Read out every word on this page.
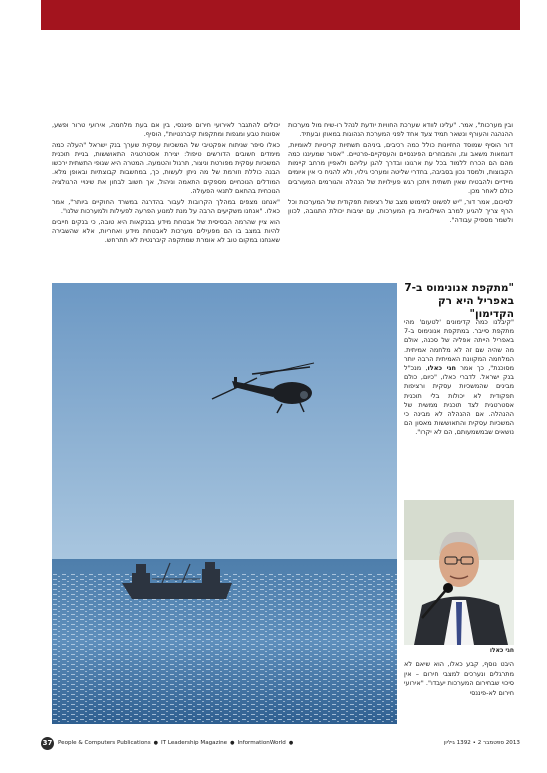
ובין מערכות", אמר. "עלינו לוודא שערכת החוויות יודעת לנהל רו-שיח מול מערכות ההנהגה והעורף ונשאר תמיד צעד אחד לפני המערכת הנהוגות במאוזן ובעתיד.

דור הוסיף שמוסד החזיונות כולל כמה רכיבים, ביניהם תשתיות קריטיות לאומיות, דוגמאות משאב וגז, והמבוזרים הפיננסיים והעסקיים-פרטיים. "אסור שמעיננו כמה מהם הם הכרח ללמוד בכל עת ארגונו ובדרך להגן עליהם ולאפיין מרחב קיימות הקבוצות, ולמסד נכון בסביבה, בחדרי שליטה ומערכי גילוי, ולא להניח כי אין איומים מיידיים ולהבטיח שאין תשתית ויתכן רגש פעילויות של הנהלה והגורמים המעורבים כולם לאחר מכן.

לסיכום, אמר דור, "יש לפשוט למימוש מצב של רציפות תפקודית של המערכות וכל הרף צריך להגיע למרב השילוביות בין המערכות, עם יציבות יכולת התגובה, לכוון ולשמר מספיק עבודה".

יכולים להתגבר לאירועי חירום פיננסי, בין אם בעת מלחמה, אירועי טרור ופשע, אסונות טבע ומגפות ומתקפות קיברנטיות", הוסיף.

כאלו סיפר שניתוח אפקטיבי של המשכיות עסקית שערך בנק ישראל "העלה כמה מימדים חשובים הדורשים טיפול: יצירת אסטרטגיה התאוששות, בניית תוכנית המשכיות עסקית מפורטת וניצור, תרגול והטמעה. המטרה היא שגופי התשתית ירכשו הבנה כוללת וזורמת של מה ניתן לעשות, כך, במחשבות קבוצתיות ובאופן מלא. המודלים הנוכחיים מספקים התאמה וניהול, אך חשוב לבחון את שינויי הרגולציה הנוכחית בהתאם לתנאי הפעולה.

"אנחנו מצפים במהלך הקרובות לעבור בהדרגה במשרד החוקיים ביותר", אמר כאלו. "אנחנו משקיעים הרבה על מנת למנוע הפרעה לפעילות ולמערכות שלנו".

הוא ציין שהרמה הבסיסית של אבטחת מידע בבנקאות היא טובה, כי בנקים חייבים להיות במצב בו הם מפעילים מערכות לאבטחת מידע ואחריות, אלא שהשבירה שאנחנו במקום טוב לא אומרת שמתקפה קיברנטית לא תתרחש.

"מתקפת אנונימוס ב-7 באפריל היא רק הקדימון"
"קיבלנו כמה קדימונים 'לטעום' מהי מתקפת סייבר. במתקפת אנונימוס ב-7 באפריל הייתה אפליה של סכנה, אולם מה שהיה שם זה לא מלחמה אמיתית. המלחמה המקוונת האמיתית הרבה יותר מסוכנת", כך אמר חגי כאלו, מנכ"ל בנק ישראל. לדברי כאלו, "כיום, כולם מבינים שהמשכיות עסקית ורציפות תפקודית לא יכולות בלי תוכנית אסטרטגית לצד תוכנית ממשית של ההנהלה. אם ההנהלה לא מבינה כי המשכיות עסקית והתאוששות מאסון הם נושאים שבמשמעותם, הם לא יקרו".
חגי כאלו
היבט נוסף, קבע כאלו, הוא שיאם לא מתרגלים ונערכים למצבי חירום – אין סיכוי שבחירום המערכות יעבדו". "אירועי חירום לא-פיננסי
37 People & Computers Publications ● IT Leadership Magazine ● InformationWorld ●	2013 ספטמבר 2 • 1392 גיליון
